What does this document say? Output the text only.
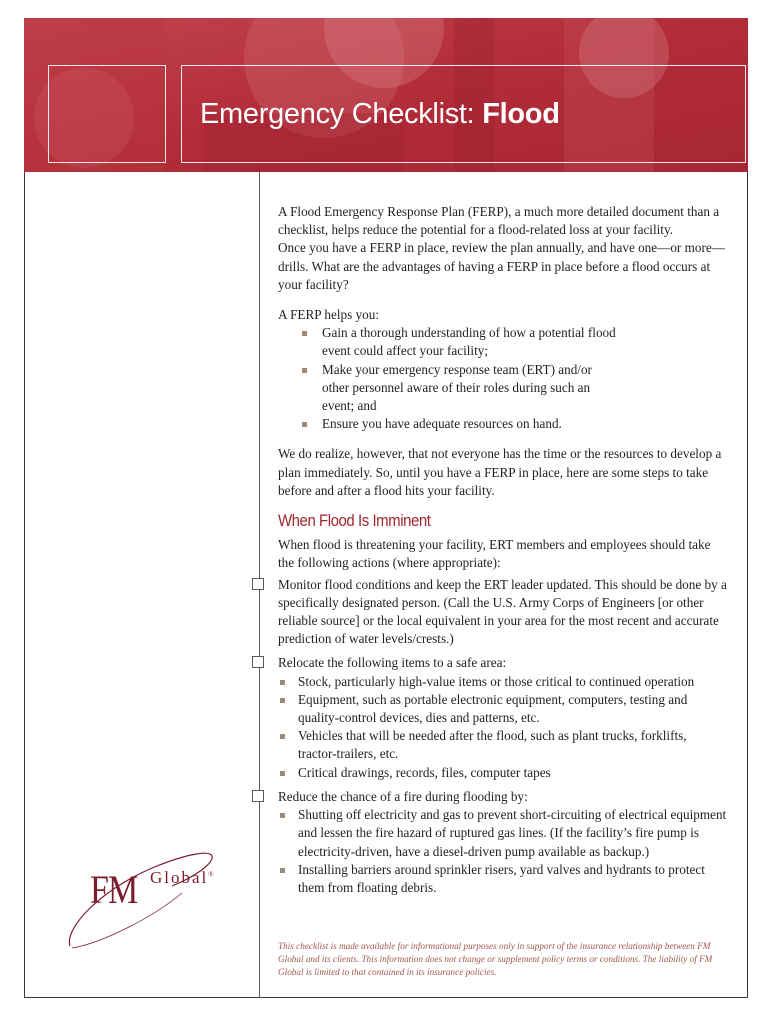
Emergency Checklist: Flood

A Flood Emergency Response Plan (FERP), a much more detailed document than a checklist, helps reduce the potential for a flood-related loss at your facility.

Once you have a FERP in place, review the plan annually, and have one—or more—drills. What are the advantages of having a FERP in place before a flood occurs at your facility?

A FERP helps you:

Gain a thorough understanding of how a potential flood event could affect your facility;
Make your emergency response team (ERT) and/or other personnel aware of their roles during such an event; and
Ensure you have adequate resources on hand.

We do realize, however, that not everyone has the time or the resources to develop a plan immediately. So, until you have a FERP in place, here are some steps to take before and after a flood hits your facility.

When Flood Is Imminent

When flood is threatening your facility, ERT members and employees should take the following actions (where appropriate):

Monitor flood conditions and keep the ERT leader updated. This should be done by a specifically designated person. (Call the U.S. Army Corps of Engineers [or other reliable source] or the local equivalent in your area for the most recent and accurate prediction of water levels/crests.)

Relocate the following items to a safe area:

Stock, particularly high-value items or those critical to continued operation
Equipment, such as portable electronic equipment, computers, testing and quality-control devices, dies and patterns, etc.
Vehicles that will be needed after the flood, such as plant trucks, forklifts, tractor-trailers, etc.
Critical drawings, records, files, computer tapes

Reduce the chance of a fire during flooding by:

Shutting off electricity and gas to prevent short-circuiting of electrical equipment and lessen the fire hazard of ruptured gas lines. (If the facility’s fire pump is electricity-driven, have a diesel-driven pump available as backup.)
Installing barriers around sprinkler risers, yard valves and hydrants to protect them from floating debris.
FM Global®
This checklist is made available for informational purposes only in support of the insurance relationship between FM Global and its clients. This information does not change or supplement policy terms or conditions. The liability of FM Global is limited to that contained in its insurance policies.
